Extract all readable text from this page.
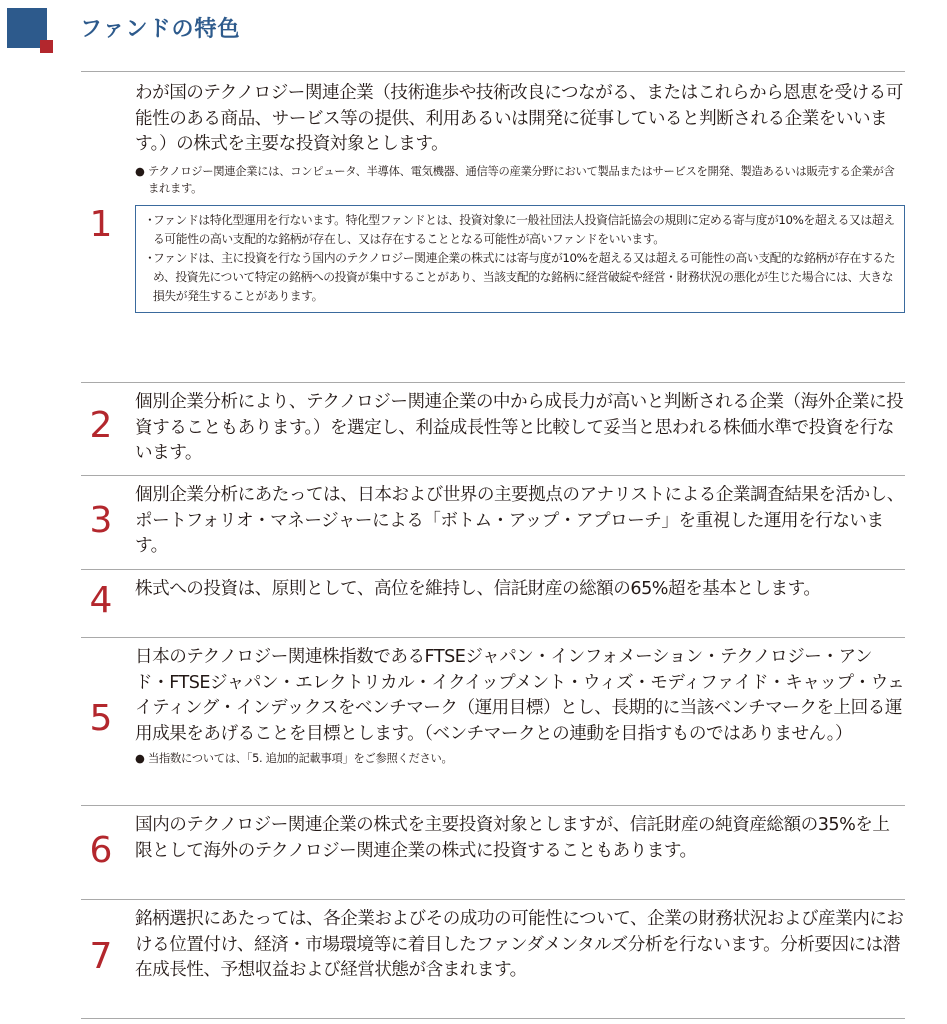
ファンドの特色
1

わが国のテクノロジー関連企業（技術進歩や技術改良につながる、またはこれらから恩恵を受ける可能性のある商品、サービス等の提供、利用あるいは開発に従事していると判断される企業をいいます。）の株式を主要な投資対象とします。

● テクノロジー関連企業には、コンピュータ、半導体、電気機器、通信等の産業分野において製品またはサービスを開発、製造あるいは販売する企業が含まれます。
・
ファンドは特化型運用を行ないます。特化型ファンドとは、投資対象に一般社団法人投資信託協会の規則に定める寄与度が10%を超える又は超える可能性の高い支配的な銘柄が存在し、又は存在することとなる可能性が高いファンドをいいます。
・
ファンドは、主に投資を行なう国内のテクノロジー関連企業の株式には寄与度が10%を超える又は超える可能性の高い支配的な銘柄が存在するため、投資先について特定の銘柄への投資が集中することがあり、当該支配的な銘柄に経営破綻や経営・財務状況の悪化が生じた場合には、大きな損失が発生することがあります。
2

個別企業分析により、テクノロジー関連企業の中から成長力が高いと判断される企業（海外企業に投資することもあります。）を選定し、利益成長性等と比較して妥当と思われる株価水準で投資を行ないます。

3

個別企業分析にあたっては、日本および世界の主要拠点のアナリストによる企業調査結果を活かし、ポートフォリオ・マネージャーによる「ボトム・アップ・アプローチ」を重視した運用を行ないます。

4	株式への投資は、原則として、高位を維持し、信託財産の総額の65%超を基本とします。

5

日本のテクノロジー関連株指数であるFTSEジャパン・インフォメーション・テクノロジー・アンド・FTSEジャパン・エレクトリカル・イクイップメント・ウィズ・モディファイド・キャップ・ウェイティング・インデックスをベンチマーク（運用目標）とし、長期的に当該ベンチマークを上回る運用成果をあげることを目標とします。（ベンチマークとの連動を目指すものではありません。）

● 当指数については、「5. 追加的記載事項」をご参照ください。
6

国内のテクノロジー関連企業の株式を主要投資対象としますが、信託財産の純資産総額の35%を上限として海外のテクノロジー関連企業の株式に投資することもあります。

7

銘柄選択にあたっては、各企業およびその成功の可能性について、企業の財務状況および産業内における位置付け、経済・市場環境等に着目したファンダメンタルズ分析を行ないます。分析要因には潜在成長性、予想収益および経営状態が含まれます。
